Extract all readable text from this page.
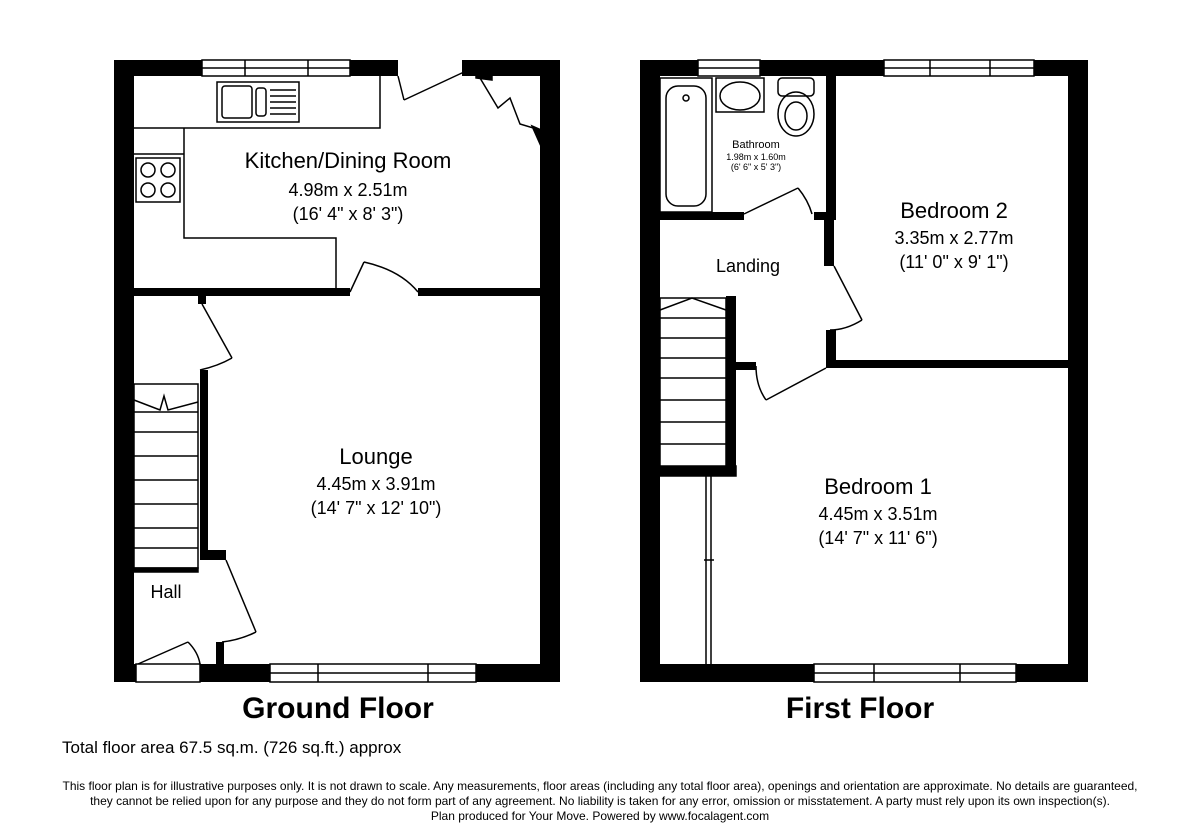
Kitchen/Dining Room
4.98m x 2.51m
(16' 4" x 8' 3")
Lounge
4.45m x 3.91m
(14' 7" x 12' 10")
Hall
Bathroom
1.98m x 1.60m
(6' 6" x 5' 3")
Bedroom 2
3.35m x 2.77m
(11' 0" x 9' 1")
Landing
Bedroom 1
4.45m x 3.51m
(14' 7" x 11' 6")
Ground Floor	First Floor
Total floor area 67.5 sq.m. (726 sq.ft.) approx
This floor plan is for illustrative purposes only. It is not drawn to scale. Any measurements, floor areas (including any total floor area), openings and orientation are approximate. No details are guaranteed,
they cannot be relied upon for any purpose and they do not form part of any agreement. No liability is taken for any error, omission or misstatement. A party must rely upon its own inspection(s).
Plan produced for Your Move. Powered by www.focalagent.com
